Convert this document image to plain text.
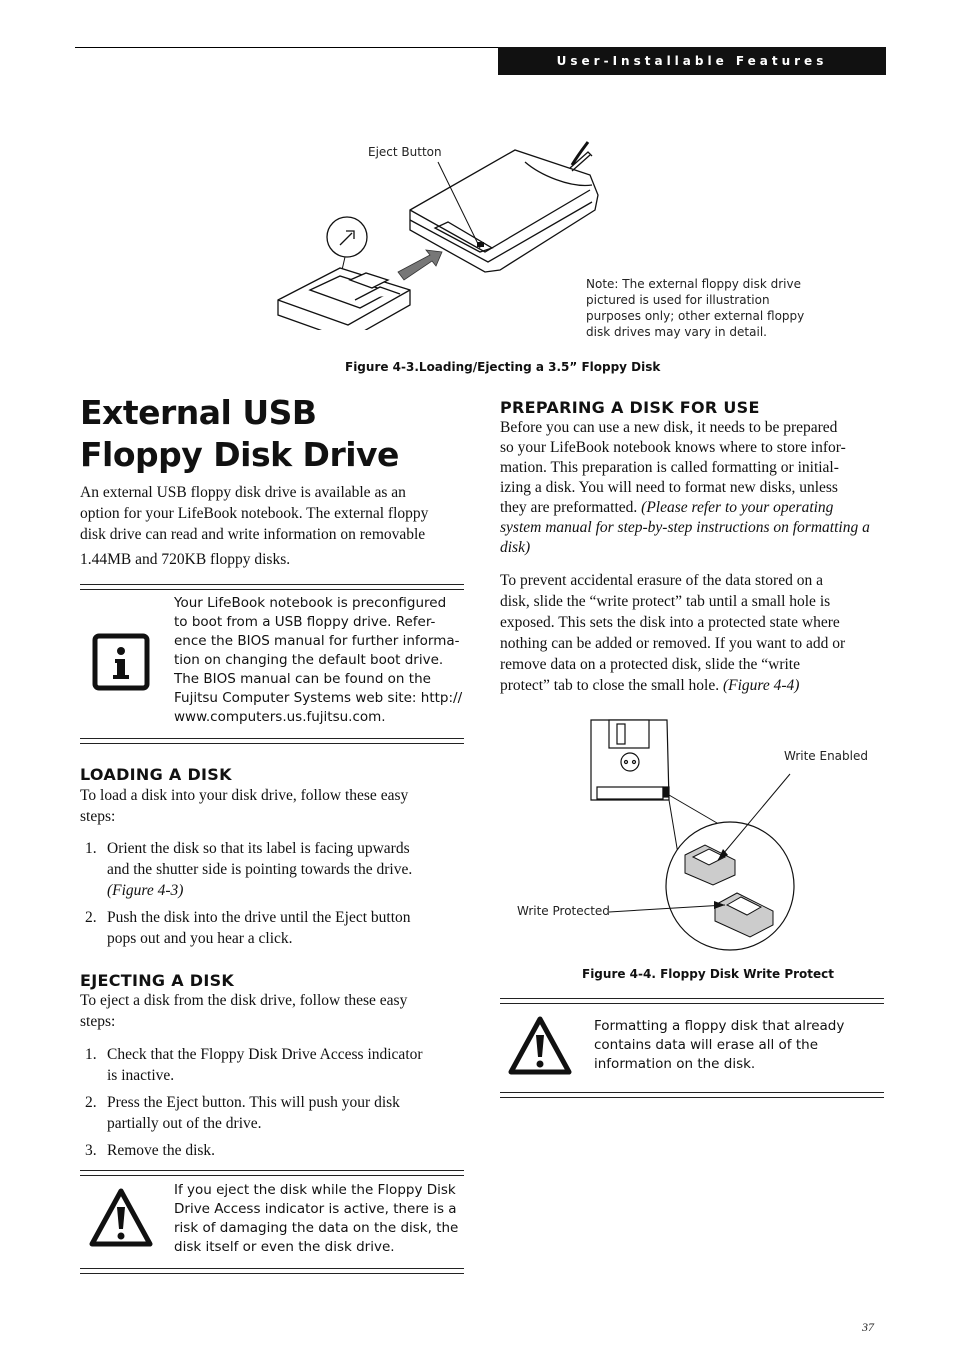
User-Installable Features
Eject Button
Note: The external floppy disk drive
pictured is used for illustration
purposes only; other external floppy
disk drives may vary in detail.
Figure 4-3.Loading/Ejecting a 3.5” Floppy Disk
External USB
Floppy Disk Drive
An external USB floppy disk drive is available as an
option for your LifeBook notebook. The external floppy
disk drive can read and write information on removable
1.44MB and 720KB floppy disks.
Your LifeBook notebook is preconfigured
to boot from a USB floppy drive. Refer-
ence the BIOS manual for further informa-
tion on changing the default boot drive.
The BIOS manual can be found on the
Fujitsu Computer Systems web site: http://
www.computers.us.fujitsu.com.
LOADING A DISK
To load a disk into your disk drive, follow these easy
steps:
1. Orient the disk so that its label is facing upwards
and the shutter side is pointing towards the drive.
(Figure 4-3)
2. Push the disk into the drive until the Eject button
pops out and you hear a click.
EJECTING A DISK
To eject a disk from the disk drive, follow these easy
steps:
1. Check that the Floppy Disk Drive Access indicator
is inactive.
2. Press the Eject button. This will push your disk
partially out of the drive.
3. Remove the disk.
If you eject the disk while the Floppy Disk
Drive Access indicator is active, there is a
risk of damaging the data on the disk, the
disk itself or even the disk drive.
PREPARING A DISK FOR USE
Before you can use a new disk, it needs to be prepared
so your LifeBook notebook knows where to store infor-
mation. This preparation is called formatting or initial-
izing a disk. You will need to format new disks, unless
they are preformatted. (Please refer to your operating
system manual for step-by-step instructions on formatting a
disk)
To prevent accidental erasure of the data stored on a
disk, slide the “write protect” tab until a small hole is
exposed. This sets the disk into a protected state where
nothing can be added or removed. If you want to add or
remove data on a protected disk, slide the “write
protect” tab to close the small hole. (Figure 4-4)
Write Enabled
Write Protected
Figure 4-4. Floppy Disk Write Protect
Formatting a floppy disk that already
contains data will erase all of the
information on the disk.
37
